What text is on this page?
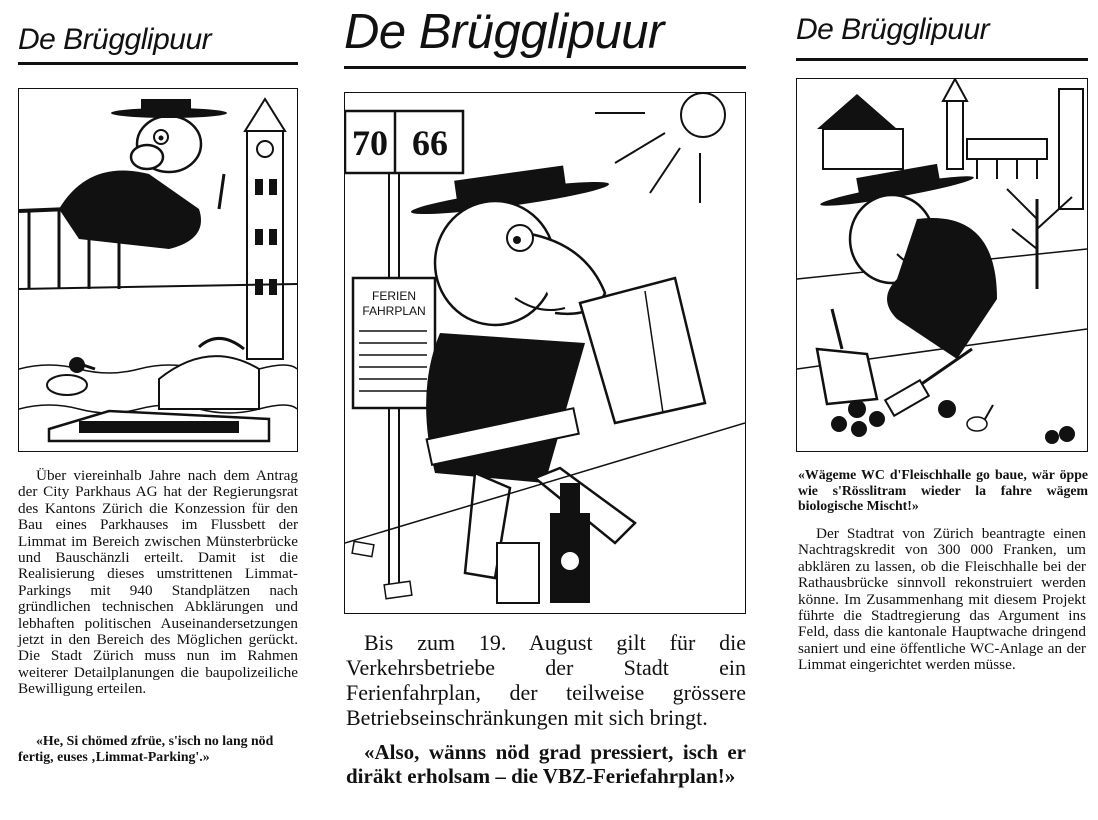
De Brügglipuur
Über viereinhalb Jahre nach dem Antrag der City Parkhaus AG hat der Regierungsrat des Kantons Zürich die Konzession für den Bau eines Parkhauses im Flussbett der Limmat im Bereich zwischen Münsterbrücke und Bauschänzli erteilt. Damit ist die Realisierung dieses umstrittenen Limmat-Parkings mit 940 Standplätzen nach gründlichen technischen Abklärungen und lebhaften politischen Auseinandersetzungen jetzt in den Bereich des Möglichen gerückt. Die Stadt Zürich muss nun im Rahmen weiterer Detailplanungen die baupolizeiliche Bewilligung erteilen.
«He, Si chömed zfrüe, s'isch no lang nöd fertig, euses ‚Limmat-Parking'.»
De Brügglipuur
70 66
FERIEN FAHRPLAN
Bis zum 19. August gilt für die Verkehrsbetriebe der Stadt ein Ferienfahrplan, der teilweise grössere Betriebseinschränkungen mit sich bringt.
«Also, wänns nöd grad pressiert, isch er diräkt erholsam – die VBZ-Feriefahrplan!»
De Brügglipuur
«Wägeme WC d'Fleischhalle go baue, wär öppe wie s'Rösslitram wieder la fahre wägem biologische Mischt!»
Der Stadtrat von Zürich beantragte einen Nachtragskredit von 300 000 Franken, um abklären zu lassen, ob die Fleischhalle bei der Rathausbrücke sinnvoll rekonstruiert werden könne. Im Zusammenhang mit diesem Projekt führte die Stadtregierung das Argument ins Feld, dass die kantonale Hauptwache dringend saniert und eine öffentliche WC-Anlage an der Limmat eingerichtet werden müsse.
